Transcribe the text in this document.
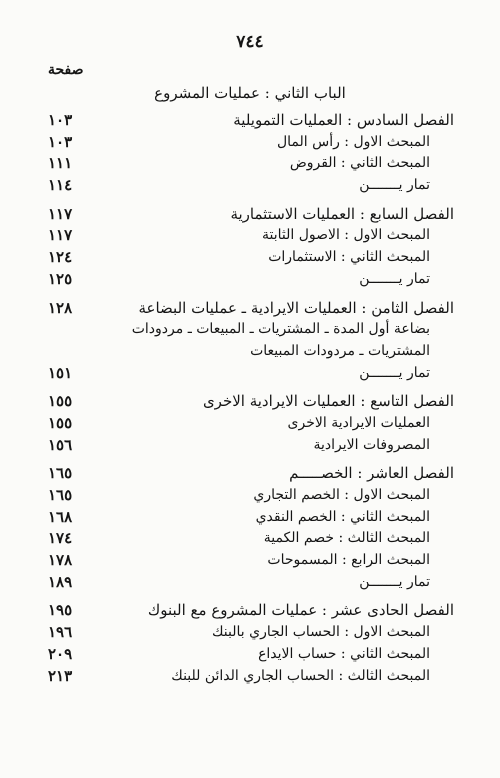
٧٤٤
صفحة
الباب الثاني : عمليات المشروع
الفصل السادس : العمليات التمويلية
١٠٣
المبحث الاول : رأس المال
١٠٣
المبحث الثاني : القروض
١١١
تمار يـــــــن
١١٤
الفصل السابع : العمليات الاستثمارية
١١٧
المبحث الاول : الاصول الثابتة
١١٧
المبحث الثاني : الاستثمارات
١٢٤
تمار يـــــــن
١٢٥
الفصل الثامن : العمليات الايرادية ـ عمليات البضاعة
١٢٨
بضاعة أول المدة ـ المشتريات ـ المبيعات ـ مردودات
المشتريات ـ مردودات المبيعات
تمار يـــــــن
١٥١
الفصل التاسع : العمليات الايرادية الاخرى
١٥٥
العمليات الايرادية الاخرى
١٥٥
المصروفات الايرادية
١٥٦
الفصل العاشر : الخصـــــم
١٦٥
المبحث الاول : الخصم التجاري
١٦٥
المبحث الثاني : الخصم النقدي
١٦٨
المبحث الثالث : خصم الكمية
١٧٤
المبحث الرابع : المسموحات
١٧٨
تمار يـــــــن
١٨٩
الفصل الحادى عشر : عمليات المشروع مع البنوك
١٩٥
المبحث الاول : الحساب الجاري بالبنك
١٩٦
المبحث الثاني : حساب الايداع
٢٠٩
المبحث الثالث : الحساب الجاري الدائن للبنك
٢١٣
